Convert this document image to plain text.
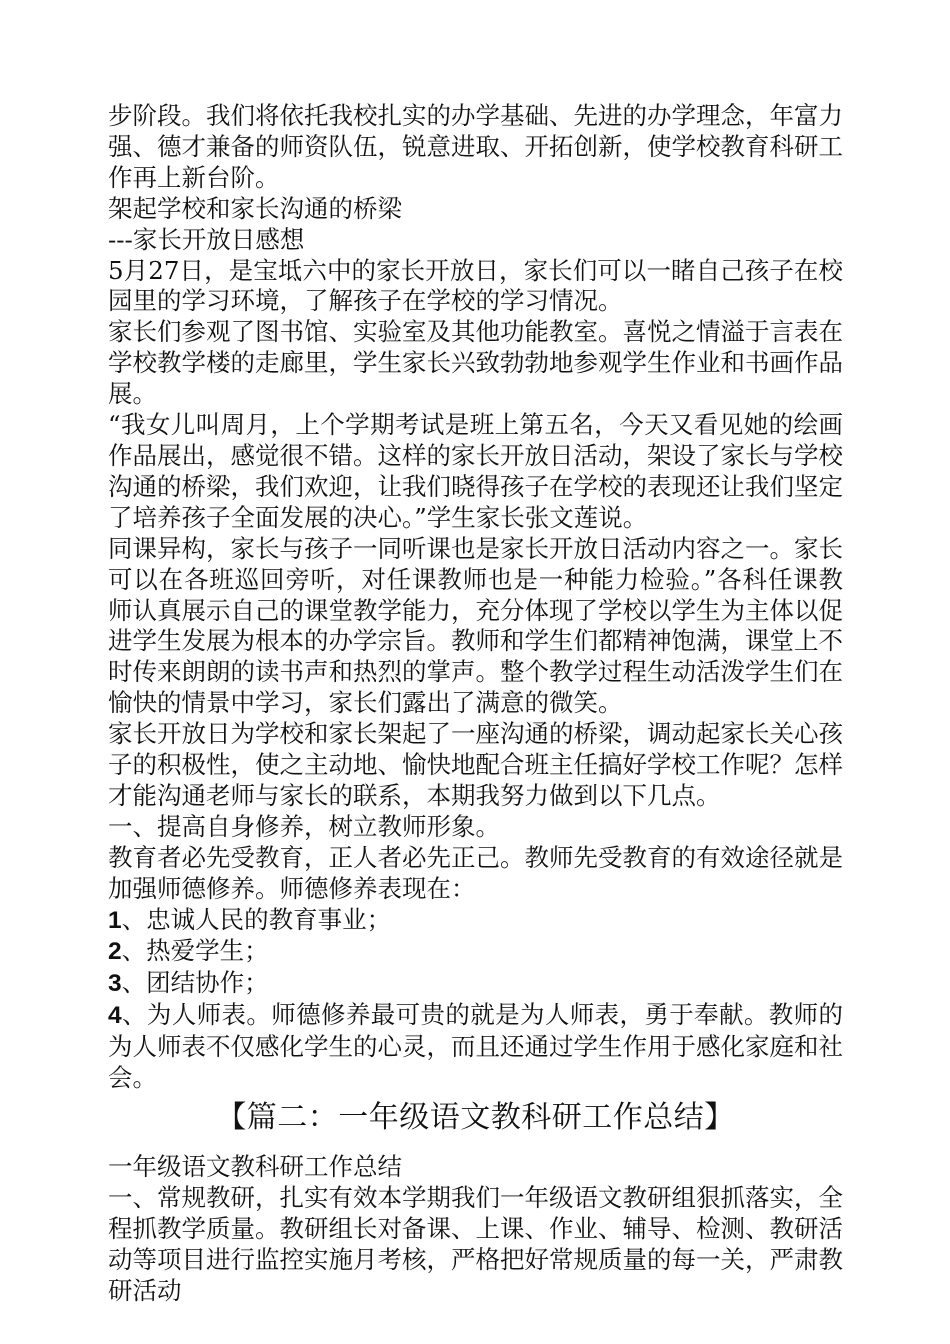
步阶段。我们将依托我校扎实的办学基础、先进的办学理念，年富力强、德才兼备的师资队伍，锐意进取、开拓创新，使学校教育科研工作再上新台阶。

架起学校和家长沟通的桥梁

---家长开放日感想

5月27日，是宝坻六中的家长开放日，家长们可以一睹自己孩子在校园里的学习环境，了解孩子在学校的学习情况。

家长们参观了图书馆、实验室及其他功能教室。喜悦之情溢于言表在学校教学楼的走廊里，学生家长兴致勃勃地参观学生作业和书画作品展。

“我女儿叫周月，上个学期考试是班上第五名，今天又看见她的绘画作品展出，感觉很不错。这样的家长开放日活动，架设了家长与学校沟通的桥梁，我们欢迎，让我们晓得孩子在学校的表现还让我们坚定了培养孩子全面发展的决心。”学生家长张文莲说。

同课异构，家长与孩子一同听课也是家长开放日活动内容之一。家长可以在各班巡回旁听，对任课教师也是一种能力检验。”各科任课教师认真展示自己的课堂教学能力，充分体现了学校以学生为主体以促进学生发展为根本的办学宗旨。教师和学生们都精神饱满，课堂上不时传来朗朗的读书声和热烈的掌声。整个教学过程生动活泼学生们在愉快的情景中学习，家长们露出了满意的微笑。

家长开放日为学校和家长架起了一座沟通的桥梁，调动起家长关心孩子的积极性，使之主动地、愉快地配合班主任搞好学校工作呢？怎样才能沟通老师与家长的联系，本期我努力做到以下几点。

一、提高自身修养，树立教师形象。

教育者必先受教育，正人者必先正己。教师先受教育的有效途径就是加强师德修养。师德修养表现在：

1、忠诚人民的教育事业；

2、热爱学生；

3、团结协作；

4、为人师表。师德修养最可贵的就是为人师表，勇于奉献。教师的为人师表不仅感化学生的心灵，而且还通过学生作用于感化家庭和社会。

【篇二：一年级语文教科研工作总结】

一年级语文教科研工作总结

一、常规教研，扎实有效本学期我们一年级语文教研组狠抓落实，全程抓教学质量。教研组长对备课、上课、作业、辅导、检测、教研活动等项目进行监控实施月考核，严格把好常规质量的每一关，严肃教研活动
